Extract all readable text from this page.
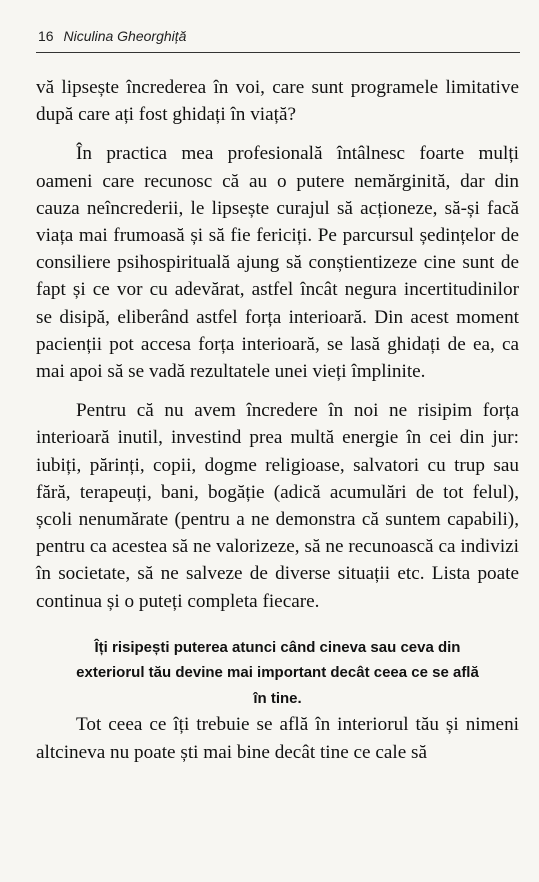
16 Niculina Gheorghiță

vă lipsește încrederea în voi, care sunt programele limitative după care ați fost ghidați în viață?

În practica mea profesională întâlnesc foarte mulți oameni care recunosc că au o putere nemărginită, dar din cauza neîncrederii, le lipsește curajul să acționeze, să-și facă viața mai frumoasă și să fie fericiți. Pe parcursul ședințelor de consiliere psihospirituală ajung să conștientizeze cine sunt de fapt și ce vor cu adevărat, astfel încât negura incertitudinilor se disipă, eliberând astfel forța interioară. Din acest moment pacienții pot accesa forța interioară, se lasă ghidați de ea, ca mai apoi să se vadă rezultatele unei vieți împlinite.

Pentru că nu avem încredere în noi ne risipim forța interioară inutil, investind prea multă energie în cei din jur: iubiți, părinți, copii, dogme religioase, salvatori cu trup sau fără, terapeuți, bani, bogăție (adică acumulări de tot felul), școli nenumărate (pentru a ne demonstra că suntem capabili), pentru ca acestea să ne valorizeze, să ne recunoască ca indivizi în societate, să ne salveze de diverse situații etc. Lista poate continua și o puteți completa fiecare.

Îți risipești puterea atunci când cineva sau ceva din exteriorul tău devine mai important decât ceea ce se află în tine.

Tot ceea ce îți trebuie se află în interiorul tău și nimeni altcineva nu poate ști mai bine decât tine ce cale să
